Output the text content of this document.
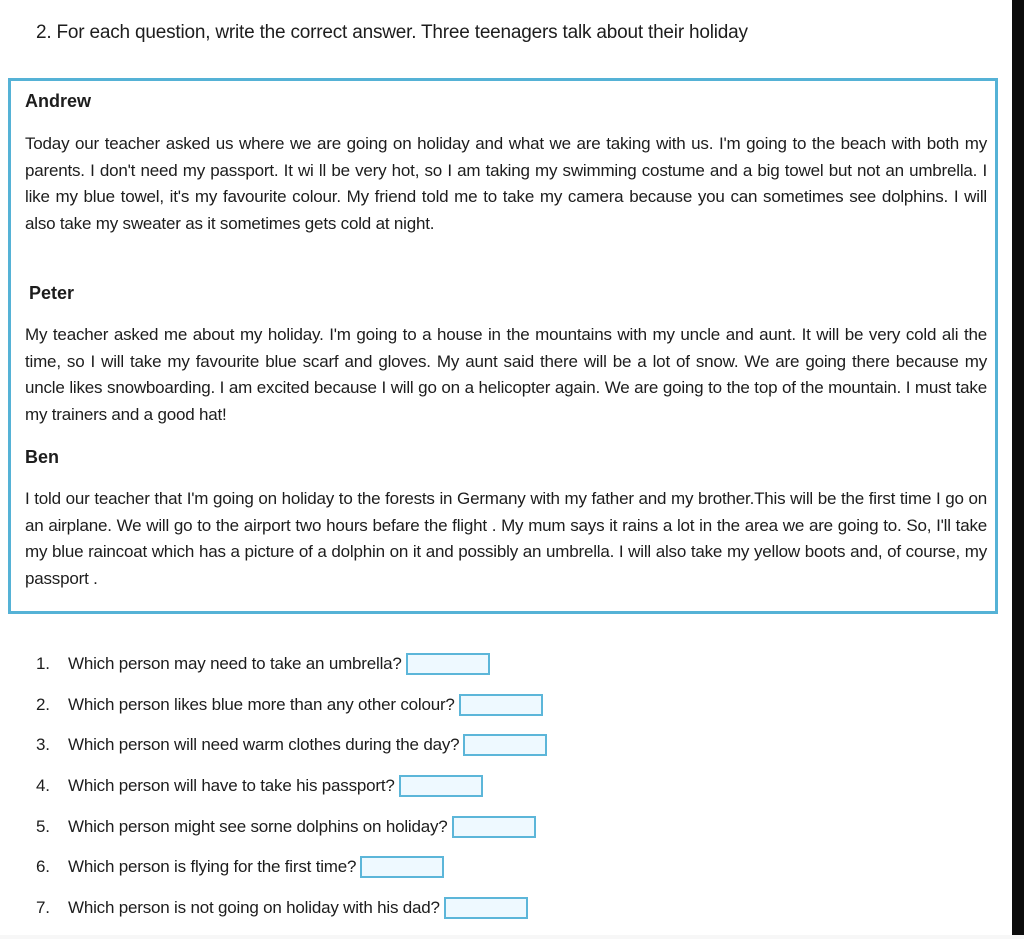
2. For each question, write the correct answer. Three teenagers talk about their holiday
Andrew

Today our teacher asked us where we are going on holiday and what we are taking with us. I'm going to the beach with both my parents. I don't need my passport. It wi ll be very hot, so I am taking my swimming costume and a big towel but not an umbrella. I like my blue towel, it's my favourite colour. My friend told me to take my camera because you can sometimes see dolphins. I will also take my sweater as it sometimes gets cold at night.

Peter

My teacher asked me about my holiday. I'm going to a house in the mountains with my uncle and aunt. It will be very cold ali the time, so I will take my favourite blue scarf and gloves. My aunt said there will be a lot of snow. We are going there because my uncle likes snowboarding. I am excited because I will go on a helicopter again. We are going to the top of the mountain. I must take my trainers and a good hat!

Ben

I told our teacher that I'm going on holiday to the forests in Germany with my father and my brother.This will be the first time I go on an airplane. We will go to the airport two hours befare the flight . My mum says it rains a lot in the area we are going to. So, I'll take my blue raincoat which has a picture of a dolphin on it and possibly an umbrella. I will also take my yellow boots and, of course, my passport .

1.	Which person may need to take an umbrella?
2.	Which person likes blue more than any other colour?
3.	Which person will need warm clothes during the day?
4.	Which person will have to take his passport?
5.	Which person might see sorne dolphins on holiday?
6.	Which person is flying for the first time?
7.	Which person is not going on holiday with his dad?
